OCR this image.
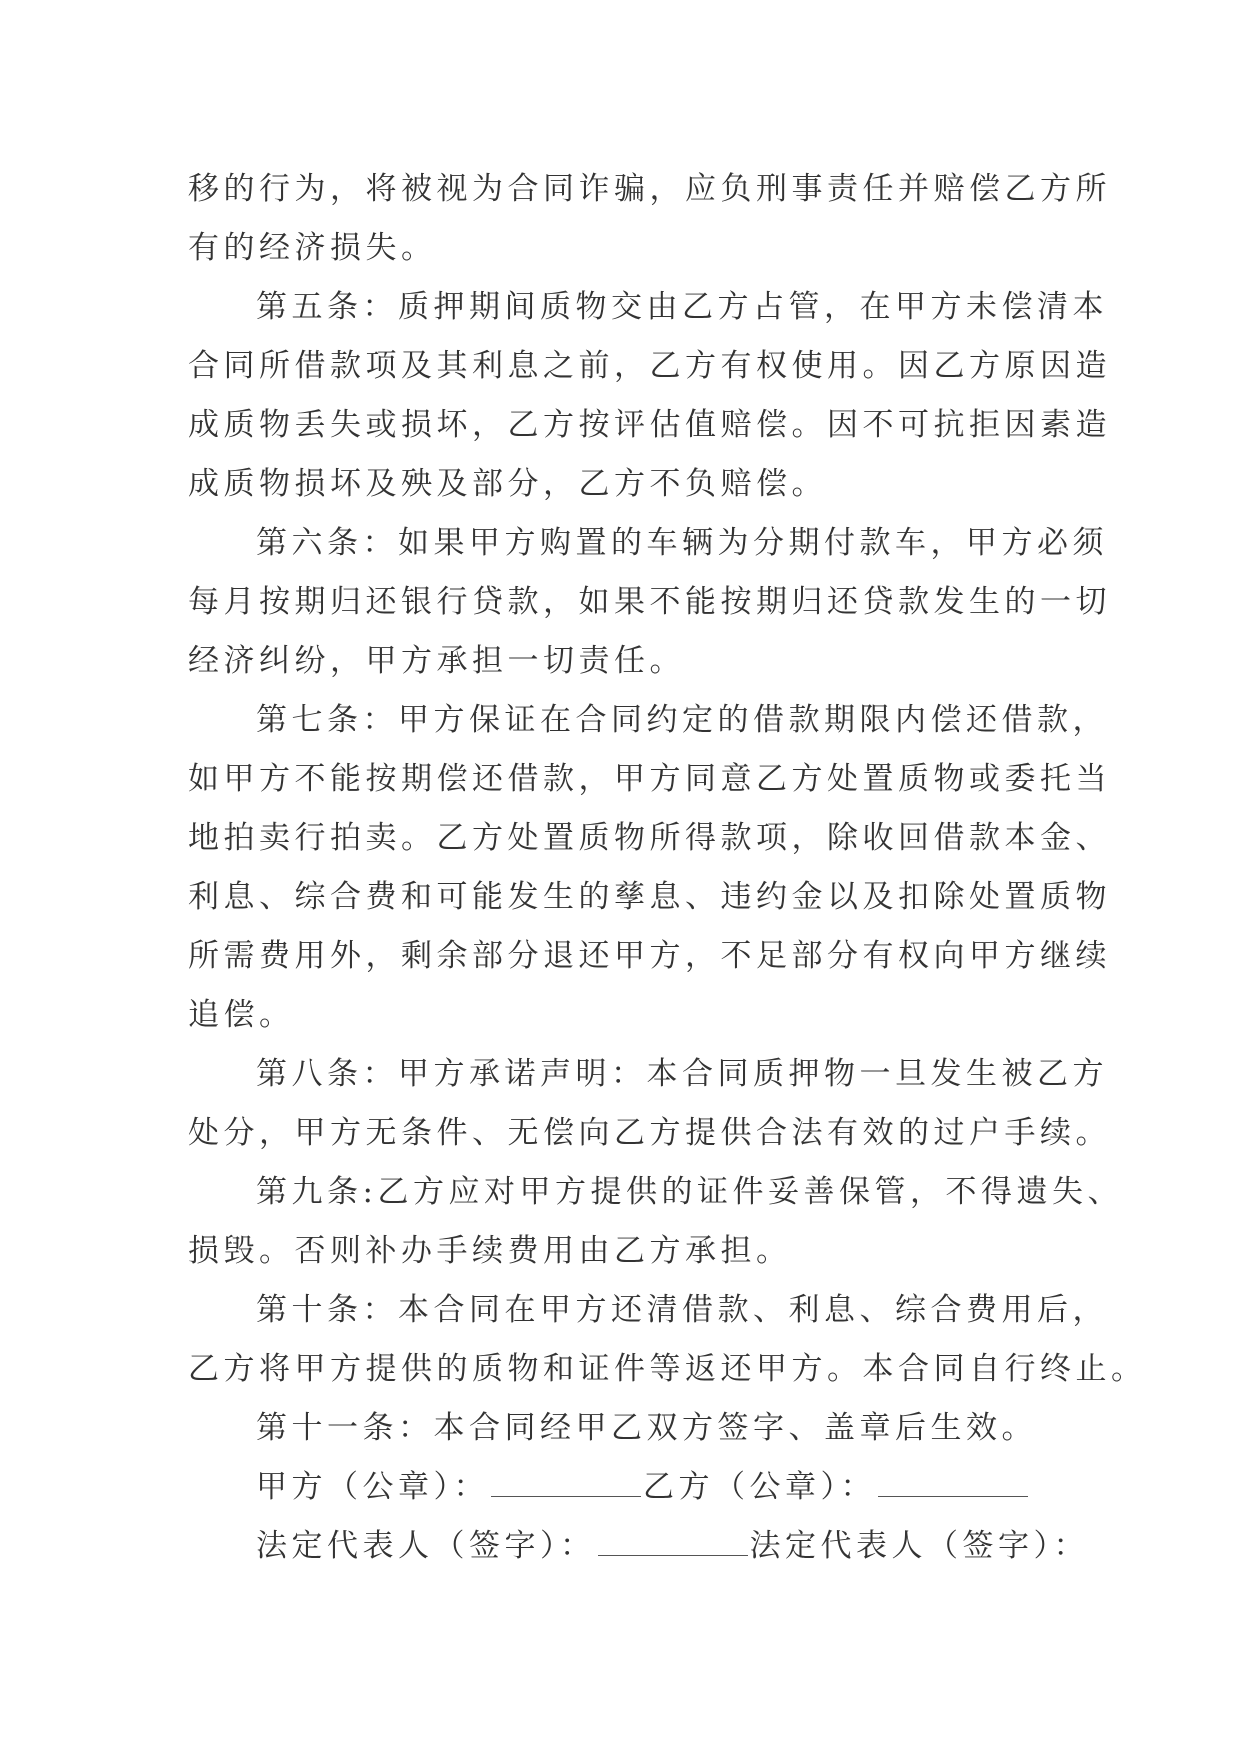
移的行为，将被视为合同诈骗，应负刑事责任并赔偿乙方所
有的经济损失。

第五条：质押期间质物交由乙方占管，在甲方未偿清本
合同所借款项及其利息之前，乙方有权使用。因乙方原因造
成质物丢失或损坏，乙方按评估值赔偿。因不可抗拒因素造
成质物损坏及殃及部分，乙方不负赔偿。

第六条：如果甲方购置的车辆为分期付款车，甲方必须
每月按期归还银行贷款，如果不能按期归还贷款发生的一切
经济纠纷，甲方承担一切责任。

第七条：甲方保证在合同约定的借款期限内偿还借款，
如甲方不能按期偿还借款，甲方同意乙方处置质物或委托当
地拍卖行拍卖。乙方处置质物所得款项，除收回借款本金、
利息、综合费和可能发生的孳息、违约金以及扣除处置质物
所需费用外，剩余部分退还甲方，不足部分有权向甲方继续
追偿。

第八条：甲方承诺声明：本合同质押物一旦发生被乙方
处分，甲方无条件、无偿向乙方提供合法有效的过户手续。

第九条:乙方应对甲方提供的证件妥善保管，不得遗失、
损毁。否则补办手续费用由乙方承担。

第十条：本合同在甲方还清借款、利息、综合费用后，
乙方将甲方提供的质物和证件等返还甲方。本合同自行终止。

第十一条：本合同经甲乙双方签字、盖章后生效。

甲方（公章）：	乙方（公章）：
法定代表人（签字）：	法定代表人（签字）：
